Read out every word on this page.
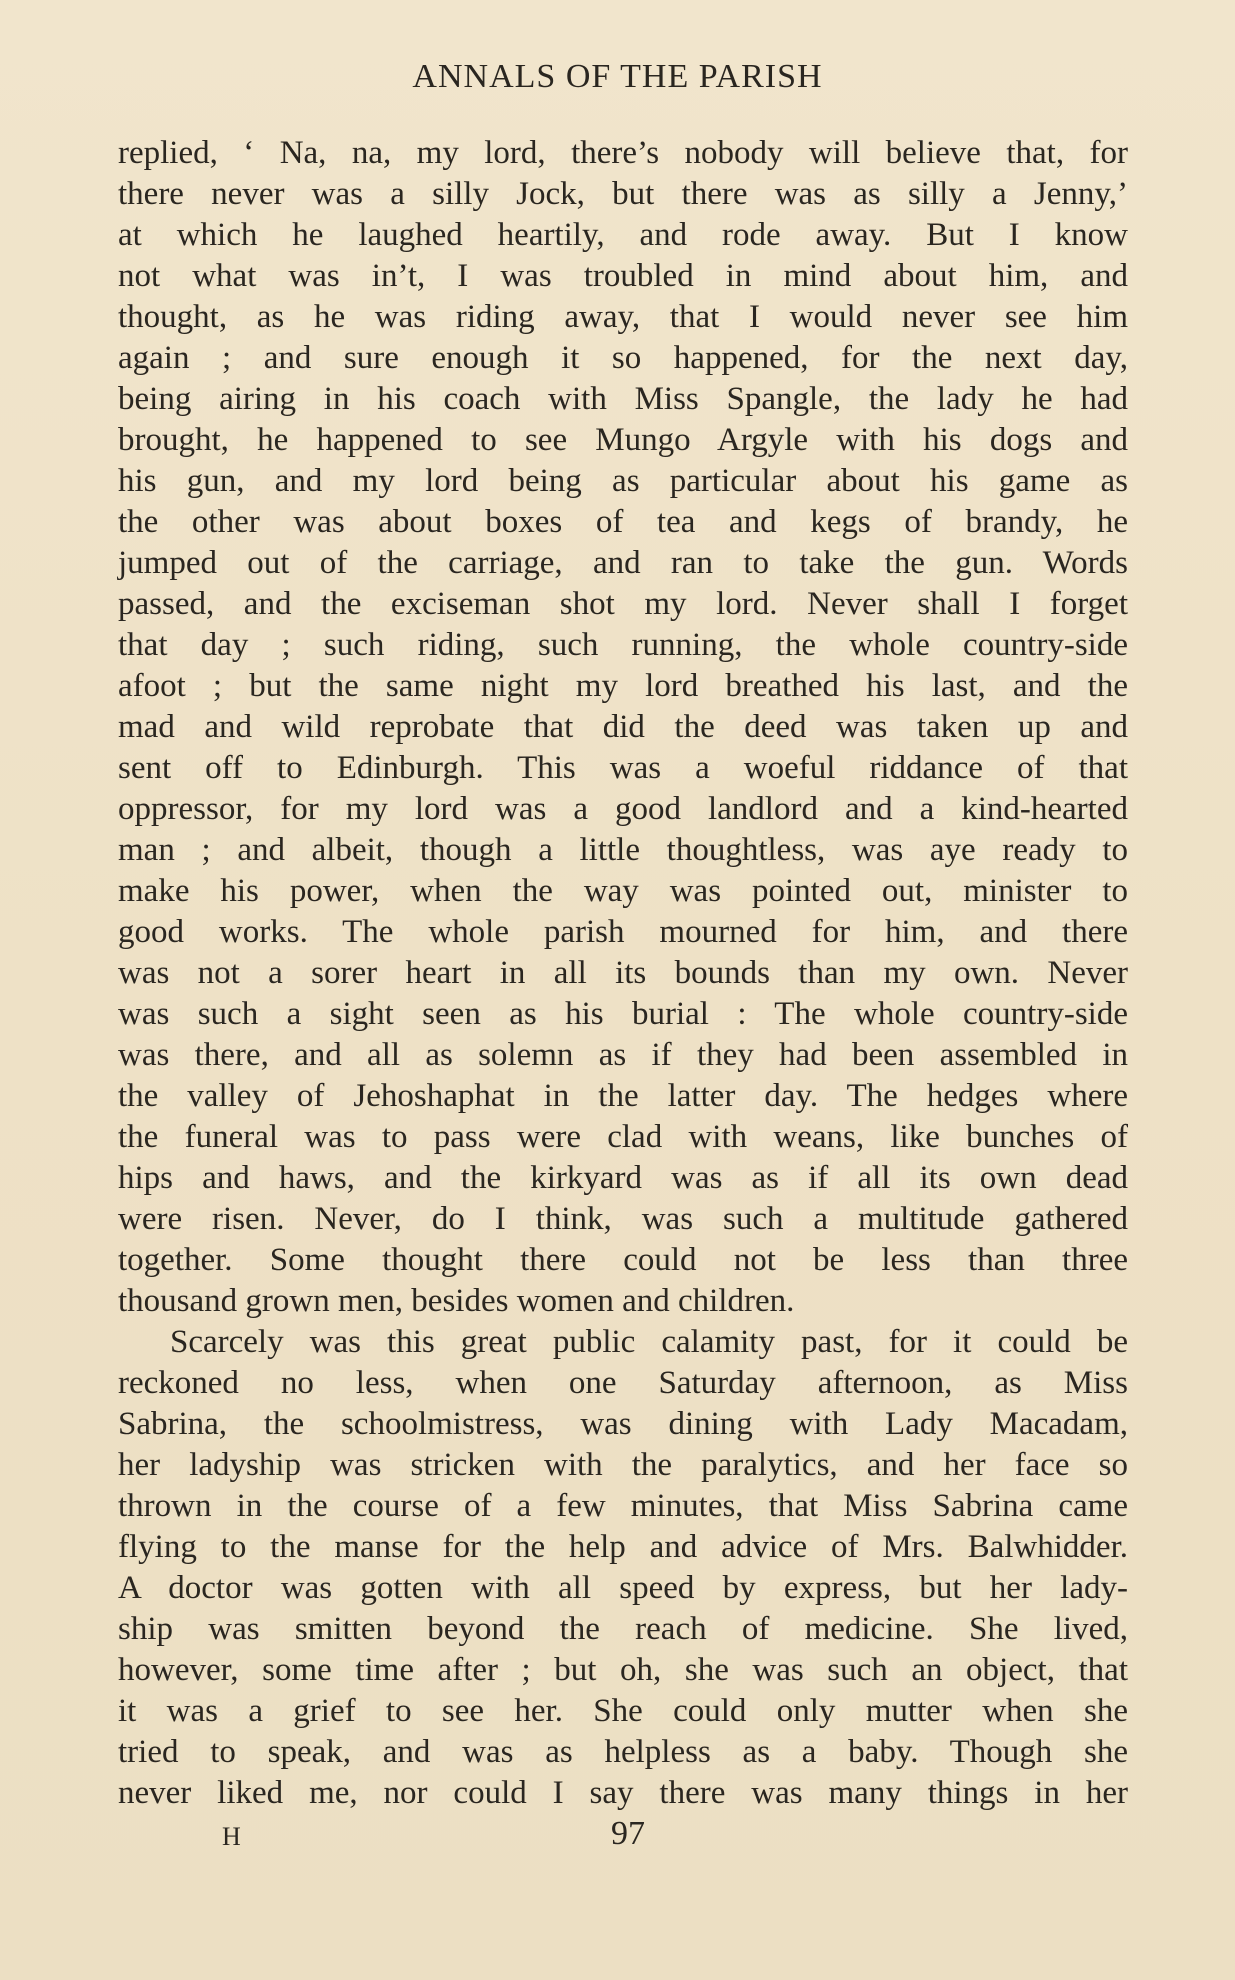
ANNALS OF THE PARISH
replied, ‘ Na, na, my lord, there’s nobody will believe that, for
there never was a silly Jock, but there was as silly a Jenny,’
at which he laughed heartily, and rode away. But I know
not what was in’t, I was troubled in mind about him, and
thought, as he was riding away, that I would never see him
again ; and sure enough it so happened, for the next day,
being airing in his coach with Miss Spangle, the lady he had
brought, he happened to see Mungo Argyle with his dogs and
his gun, and my lord being as particular about his game as
the other was about boxes of tea and kegs of brandy, he
jumped out of the carriage, and ran to take the gun. Words
passed, and the exciseman shot my lord. Never shall I forget
that day ; such riding, such running, the whole country-side
afoot ; but the same night my lord breathed his last, and the
mad and wild reprobate that did the deed was taken up and
sent off to Edinburgh. This was a woeful riddance of that
oppressor, for my lord was a good landlord and a kind-hearted
man ; and albeit, though a little thoughtless, was aye ready to
make his power, when the way was pointed out, minister to
good works. The whole parish mourned for him, and there
was not a sorer heart in all its bounds than my own. Never
was such a sight seen as his burial : The whole country-side
was there, and all as solemn as if they had been assembled in
the valley of Jehoshaphat in the latter day. The hedges where
the funeral was to pass were clad with weans, like bunches of
hips and haws, and the kirkyard was as if all its own dead
were risen. Never, do I think, was such a multitude gathered
together. Some thought there could not be less than three
thousand grown men, besides women and children.
Scarcely was this great public calamity past, for it could be
reckoned no less, when one Saturday afternoon, as Miss
Sabrina, the schoolmistress, was dining with Lady Macadam,
her ladyship was stricken with the paralytics, and her face so
thrown in the course of a few minutes, that Miss Sabrina came
flying to the manse for the help and advice of Mrs. Balwhidder.
A doctor was gotten with all speed by express, but her lady-
ship was smitten beyond the reach of medicine. She lived,
however, some time after ; but oh, she was such an object, that
it was a grief to see her. She could only mutter when she
tried to speak, and was as helpless as a baby. Though she
never liked me, nor could I say there was many things in her
H	97
